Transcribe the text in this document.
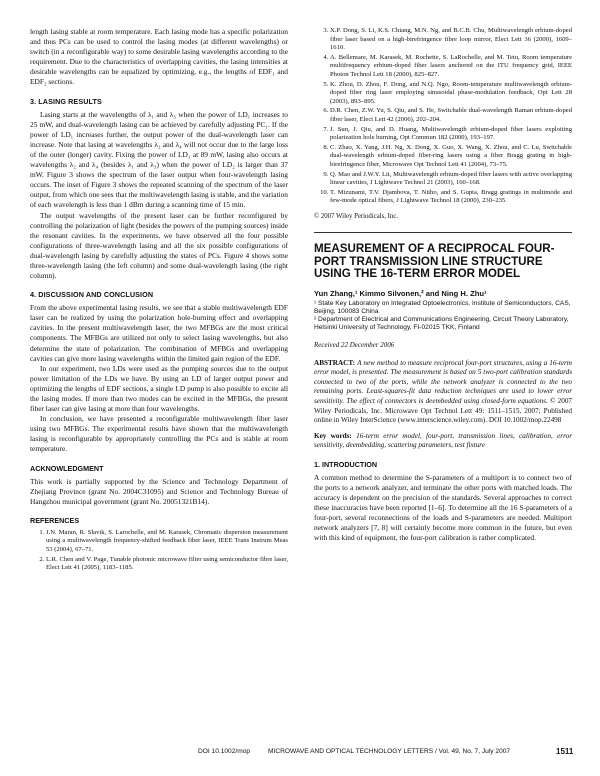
length lasing stable at room temperature. Each lasing mode has a specific polarization and thus PCs can be used to control the lasing modes (at different wavelengths) or switch (in a reconfigurable way) to some desirable lasing wavelengths according to the requirement. Due to the characteristics of overlapping cavities, the lasing intensities at desirable wavelengths can be equalized by optimizing, e.g., the lengths of EDF₁ and EDF₂ sections.

3. LASING RESULTS

Lasing starts at the wavelengths of λ₁ and λ₃ when the power of LD₁ increases to 25 mW, and dual-wavelength lasing can be achieved by carefully adjusting PC₁. If the power of LD₁ increases further, the output power of the dual-wavelength laser can increase. Note that lasing at wavelengths λ₂ and λ₄ will not occur due to the large loss of the outer (longer) cavity. Fixing the power of LD₁ at 89 mW, lasing also occurs at wavelengths λ₂ and λ₄ (besides λ₁ and λ₃) when the power of LD₂ is larger than 37 mW. Figure 3 shows the spectrum of the laser output when four-wavelength lasing occurs. The inset of Figure 3 shows the repeated scanning of the spectrum of the laser output, from which one sees that the multiwavelength lasing is stable, and the variation of each wavelength is less than 1 dBm during a scanning time of 15 min.

The output wavelengths of the present laser can be further reconfigured by controlling the polarization of light (besides the powers of the pumping sources) inside the resonant cavities. In the experiments, we have observed all the four possible configurations of three-wavelength lasing and all the six possible configurations of dual-wavelength lasing by carefully adjusting the states of PCs. Figure 4 shows some three-wavelength lasing (the left column) and some dual-wavelength lasing (the right column).

4. DISCUSSION AND CONCLUSION

From the above experimental lasing results, we see that a stable multiwavelength EDF laser can be realized by using the polarization hole-burning effect and overlapping cavities. In the present multiwavelength laser, the two MFBGs are the most critical components. The MFBGs are utilized not only to select lasing wavelengths, but also determine the state of polarization. The combination of MFBGs and overlapping cavities can give more lasing wavelengths within the limited gain region of the EDF.

In our experiment, two LDs were used as the pumping sources due to the output power limitation of the LDs we have. By using an LD of larger output power and optimizing the lengths of EDF sections, a single LD pump is also possible to excite all the lasing modes. If more than two modes can be excited in the MFBGs, the present fiber laser can give lasing at more than four wavelengths.

In conclusion, we have presented a reconfigurable multiwavelength fiber laser using two MFBGs. The experimental results have shown that the multiwavelength lasing is reconfigurable by appropriately controlling the PCs and is stable at room temperature.

ACKNOWLEDGMENT

This work is partially supported by the Science and Technology Department of Zhejiang Province (grant No. 2004C31095) and Science and Technology Bureau of Hangzhou municipal government (grant No. 20051321B14).

REFERENCES
1. J.N. Maran, R. Slavik, S. Larochelle, and M. Karasek, Chromatic dispersion measurement using a multiwavelength frequency-shifted feedback fiber laser, IEEE Trans Instrum Meas 53 (2004), 67–71.
2. L.R. Chen and V. Page, Tunable photonic microwave filter using semiconductor fibre laser, Elect Lett 41 (2005), 1183–1185.
3. X.P. Dong, S. Li, K.S. Chiang, M.N. Ng, and B.C.B. Chu, Multiwavelength erbium-doped fiber laser based on a high-birefringence fibre loop mirror, Elect Lett 36 (2000), 1609–1610.
4. A. Bellemare, M. Karasek, M. Rochette, S. LaRochelle, and M. Tetu, Room temperature multifrequency erbium-doped fiber lasers anchored on the ITU frequency grid, IEEE Photon Technol Lett 18 (2000), 825–827.
5. K. Zhou, D. Zhou, F. Dong, and N.Q. Ngo, Room-temperature multiwavelength erbium-doped fiber ring laser employing sinusoidal phase-modulation feedback, Opt Lett 28 (2003), 893–895.
6. D.R. Chen, Z.W. Yu, S. Qiu, and S. He, Switchable dual-wavelength Raman erbium-doped fiber laser, Elect Lett 42 (2006), 202–204.
7. J. Sun, J. Qiu, and D. Huang, Multiwavelength erbium-doped fiber lasers exploiting polarization hole burning, Opt Commun 182 (2000), 193–197.
8. C. Zhao, X. Yang, J.H. Ng, X. Dong, X. Guo, X. Wang, X. Zhou, and C. Lu, Switchable dual-wavelength erbium-doped fiber-ring lasers using a fiber Bragg grating in high-birefringence fiber, Microwave Opt Technol Lett 41 (2004), 73–75.
9. Q. Mao and J.W.Y. Lit, Multiwavelength erbium-doped fiber lasers with active overlapping linear cavities, J Lightwave Technol 21 (2003), 160–168.
10. T. Mizunami, T.V. Djambova, T. Niiho, and S. Gupta, Bragg gratings in multimode and few-mode optical fibers, J Lightwave Technol 18 (2000), 230–235.

© 2007 Wiley Periodicals, Inc.

MEASUREMENT OF A RECIPROCAL FOUR-PORT TRANSMISSION LINE STRUCTURE USING THE 16-TERM ERROR MODEL
Yun Zhang,¹ Kimmo Silvonen,² and Ning H. Zhu¹

¹ State Key Laboratory on Integrated Optoelectronics, Institute of Semiconductors, CAS, Beijing, 100083 China

² Department of Electrical and Communications Engineering, Circuit Theory Laboratory, Helsinki University of Technology, FI-02015 TKK, Finland

Received 22 December 2006

ABSTRACT: A new method to measure reciprocal four-port structures, using a 16-term error model, is presented. The measurement is based on 5 two-port calibration standards connected to two of the ports, while the network analyzer is connected to the two remaining ports. Least-squares-fit data reduction techniques are used to lower error sensitivity. The effect of connectors is deembedded using closed-form equations. © 2007 Wiley Periodicals, Inc. Microwave Opt Technol Lett 49: 1511–1515, 2007; Published online in Wiley InterScience (www.interscience.wiley.com). DOI 10.1002/mop.22498

Key words: 16-term error model, four-port, transmission lines, calibration, error sensitivity, deembedding, scattering parameters, test fixture

1. INTRODUCTION

A common method to determine the S-parameters of a multiport is to connect two of the ports to a network analyzer, and terminate the other ports with matched loads. The accuracy is dependent on the precision of the standards. Several approaches to correct these inaccuracies have been reported [1–6]. To determine all the 16 S-parameters of a four-port, several reconnections of the loads and S-parameters are needed. Multiport network analyzers [7, 8] will certainly become more common in the future, but even with this kind of equipment, the four-port calibration is rather complicated.

DOI 10.1002/mop	MICROWAVE AND OPTICAL TECHNOLOGY LETTERS / Vol. 49, No. 7, July 2007	1511
